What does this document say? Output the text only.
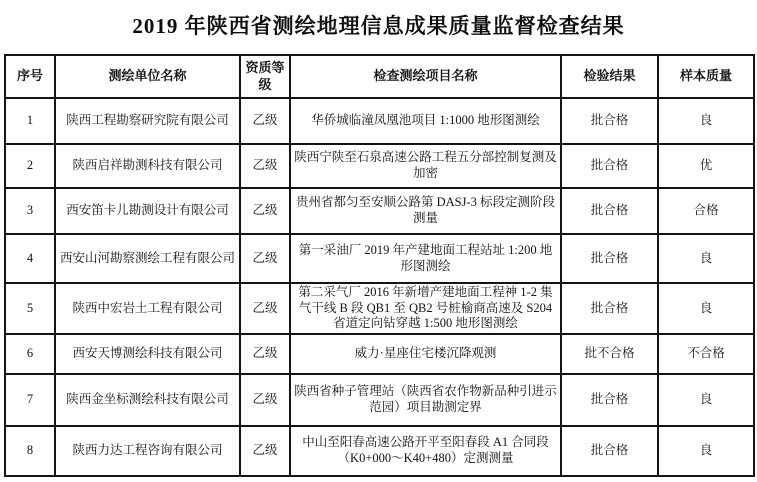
2019 年陕西省测绘地理信息成果质量监督检查结果
序号	测绘单位名称	资质等级	检查测绘项目名称	检验结果	样本质量
1	陕西工程勘察研究院有限公司	乙级	华侨城临潼凤凰池项目 1:1000 地形图测绘	批合格	良
2	陕西启祥勘测科技有限公司	乙级	陕西宁陕至石泉高速公路工程五分部控制复测及加密	批合格	优
3	西安笛卡儿勘测设计有限公司	乙级	贵州省都匀至安顺公路第 DASJ-3 标段定测阶段测量	批合格	合格
4	西安山河勘察测绘工程有限公司	乙级	第一采油厂 2019 年产建地面工程站址 1:200 地形图测绘	批合格	良
5	陕西中宏岩土工程有限公司	乙级	第二采气厂 2016 年新增产建地面工程神 1-2 集气干线 B 段 QB1 至 QB2 号桩榆商高速及 S204 省道定向钻穿越 1:500 地形图测绘	批合格	良
6	西安天博测绘科技有限公司	乙级	威力·星座住宅楼沉降观测	批不合格	不合格
7	陕西金坐标测绘科技有限公司	乙级	陕西省种子管理站（陕西省农作物新品种引进示范园）项目勘测定界	批合格	良
8	陕西力达工程咨询有限公司	乙级	中山至阳春高速公路开平至阳春段 A1 合同段（K0+000～K40+480）定测测量	批合格	良
